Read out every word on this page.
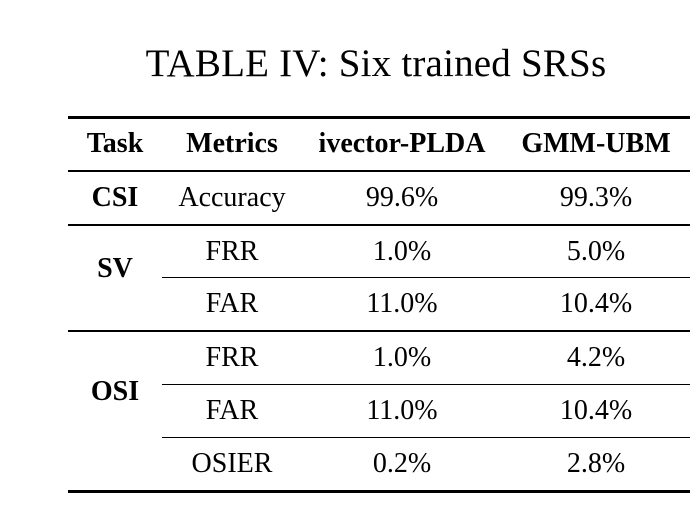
TABLE IV: Six trained SRSs
Task	Metrics	ivector-PLDA	GMM-UBM
CSI	Accuracy	99.6%	99.3%
SV
FRR	1.0%	5.0%
FAR	11.0%	10.4%
OSI
FRR	1.0%	4.2%
FAR	11.0%	10.4%
OSIER	0.2%	2.8%
